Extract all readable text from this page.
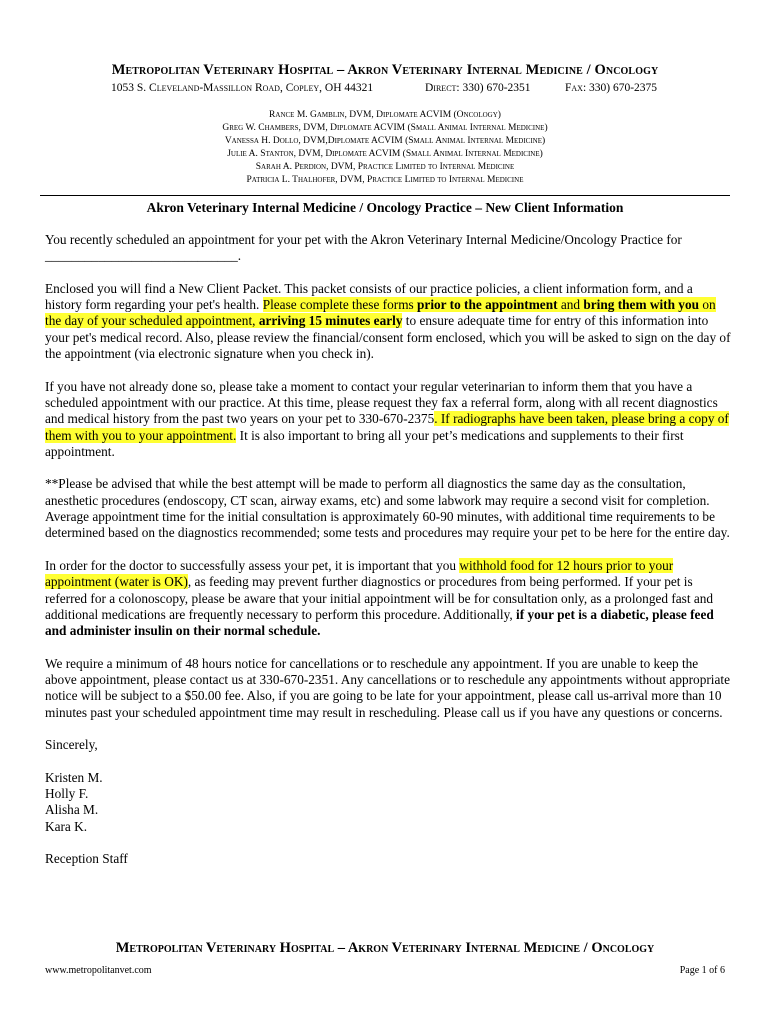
Metropolitan Veterinary Hospital – Akron Veterinary Internal Medicine / Oncology
1053 S. Cleveland-Massillon Road, Copley, OH 44321	Direct: 330) 670-2351	Fax: 330) 670-2375
Rance M. Gamblin, DVM, Diplomate ACVIM (Oncology)
Greg W. Chambers, DVM, Diplomate ACVIM (Small Animal Internal Medicine)
Vanessa H. Dollo, DVM,Diplomate ACVIM (Small Animal Internal Medicine)
Julie A. Stanton, DVM, Diplomate ACVIM (Small Animal Internal Medicine)
Sarah A. Perdion, DVM, Practice Limited to Internal Medicine
Patricia L. Thalhofer, DVM, Practice Limited to Internal Medicine
Akron Veterinary Internal Medicine / Oncology Practice – New Client Information

You recently scheduled an appointment for your pet with the Akron Veterinary Internal Medicine/Oncology Practice for
_____________________________.

Enclosed you will find a New Client Packet. This packet consists of our practice policies, a client information form, and a history form regarding your pet's health. Please complete these forms prior to the appointment and bring them with you on the day of your scheduled appointment, arriving 15 minutes early to ensure adequate time for entry of this information into your pet's medical record. Also, please review the financial/consent form enclosed, which you will be asked to sign on the day of the appointment (via electronic signature when you check in).

If you have not already done so, please take a moment to contact your regular veterinarian to inform them that you have a scheduled appointment with our practice. At this time, please request they fax a referral form, along with all recent diagnostics and medical history from the past two years on your pet to 330-670-2375. If radiographs have been taken, please bring a copy of them with you to your appointment. It is also important to bring all your pet’s medications and supplements to their first appointment.

**Please be advised that while the best attempt will be made to perform all diagnostics the same day as the consultation, anesthetic procedures (endoscopy, CT scan, airway exams, etc) and some labwork may require a second visit for completion. Average appointment time for the initial consultation is approximately 60-90 minutes, with additional time requirements to be determined based on the diagnostics recommended; some tests and procedures may require your pet to be here for the entire day.

In order for the doctor to successfully assess your pet, it is important that you withhold food for 12 hours prior to your appointment (water is OK), as feeding may prevent further diagnostics or procedures from being performed. If your pet is referred for a colonoscopy, please be aware that your initial appointment will be for consultation only, as a prolonged fast and additional medications are frequently necessary to perform this procedure. Additionally, if your pet is a diabetic, please feed and administer insulin on their normal schedule.

We require a minimum of 48 hours notice for cancellations or to reschedule any appointment. If you are unable to keep the above appointment, please contact us at 330-670-2351. Any cancellations or to reschedule any appointments without appropriate notice will be subject to a $50.00 fee. Also, if you are going to be late for your appointment, please call us-arrival more than 10 minutes past your scheduled appointment time may result in rescheduling. Please call us if you have any questions or concerns.

Sincerely,

Kristen M.
Holly F.
Alisha M.
Kara K.

Reception Staff

Metropolitan Veterinary Hospital – Akron Veterinary Internal Medicine / Oncology
www.metropolitanvet.com	Page 1 of 6
